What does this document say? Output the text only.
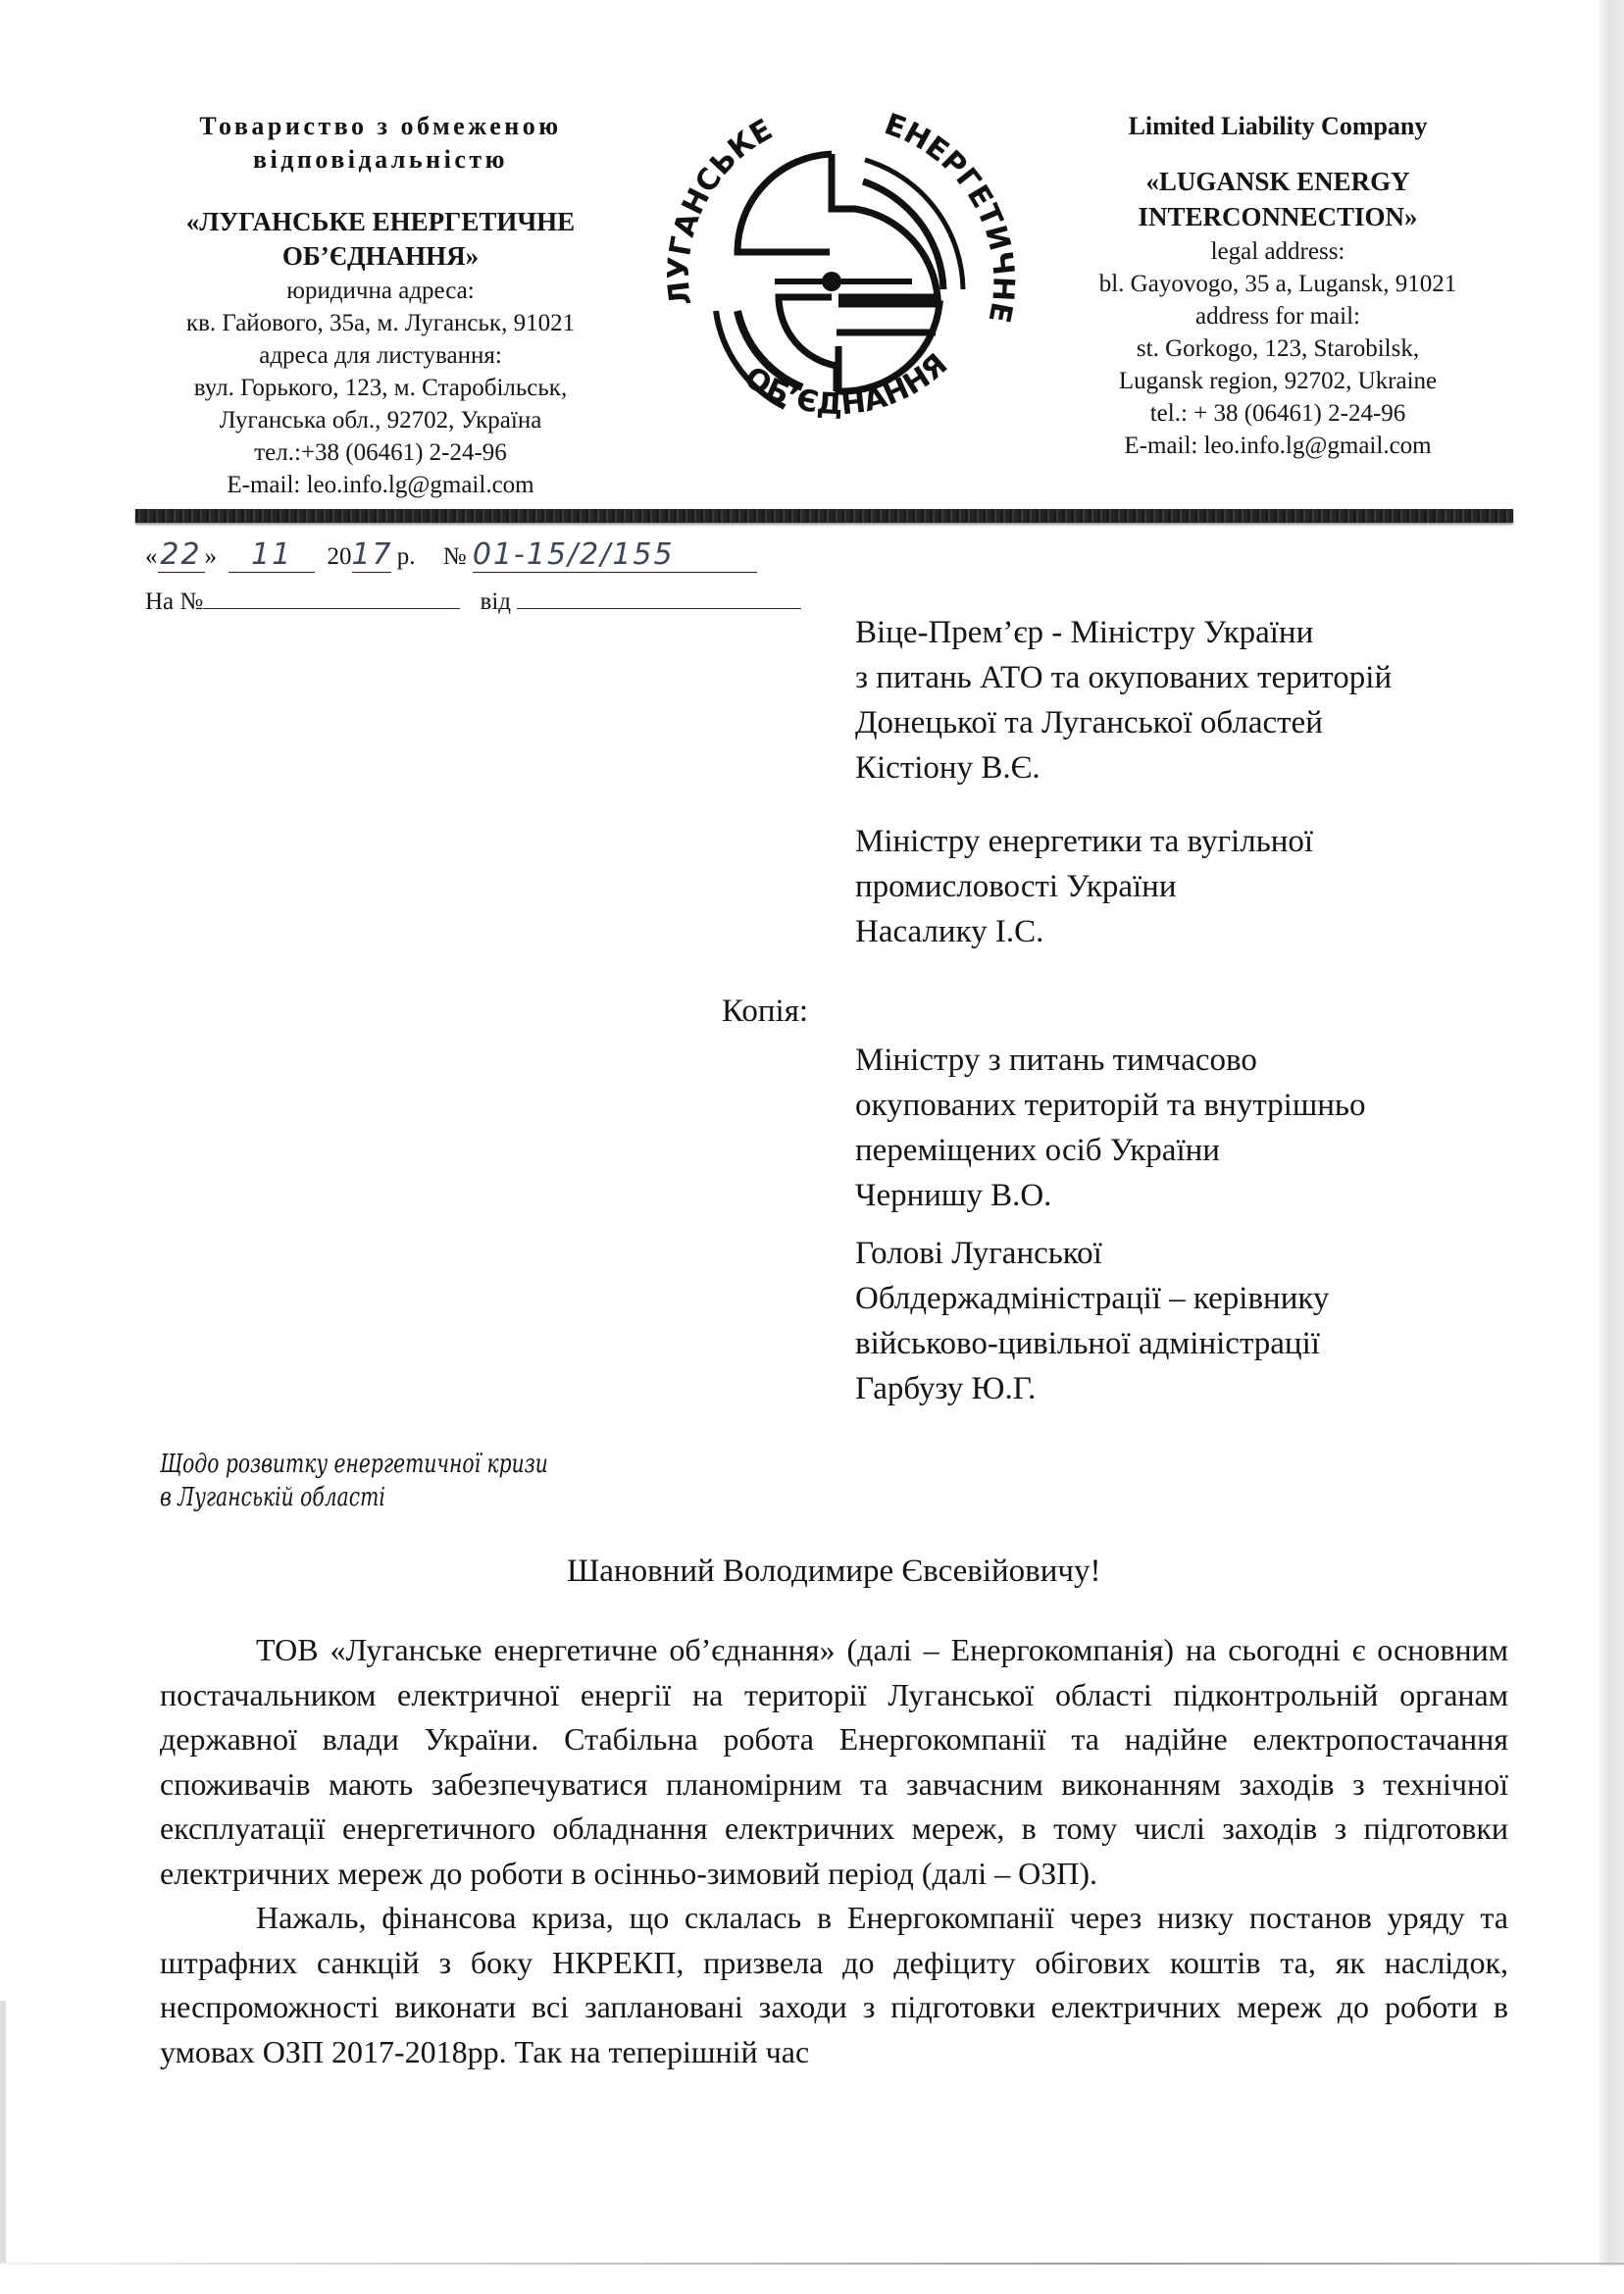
Товариство з обмеженою
відповідальністю
«ЛУГАНСЬКЕ ЕНЕРГЕТИЧНЕ
ОБ’ЄДНАННЯ»
юридична адреса:
кв. Гайового, 35а, м. Луганськ, 91021
адреса для листування:
вул. Горького, 123, м. Старобільськ,
Луганська обл., 92702, Україна
тел.:+38 (06461) 2-24-96
E-mail: leo.info.lg@gmail.com
ЛУГАНСЬКЕ	ЕНЕРГЕТИЧНЕ
ОБ’ЄДНАННЯ
Limited Liability Company
«LUGANSK ENERGY
INTERCONNECTION»
legal address:
bl. Gayovogo, 35 a, Lugansk, 91021
address for mail:
st. Gorkogo, 123, Starobilsk,
Lugansk region, 92702, Ukraine
tel.: + 38 (06461) 2-24-96
E-mail: leo.info.lg@gmail.com
«22 » 11 2017 р. № 01-15/2/155
На №	від
Віце-Прем’єр - Міністру України
з питань АТО та окупованих територій
Донецької та Луганської областей
Кістіону В.Є.
Міністру енергетики та вугільної
промисловості України
Насалику І.С.
Копія:
Міністру з питань тимчасово
окупованих територій та внутрішньо
переміщених осіб України
Чернишу В.О.
Голові Луганської
Облдержадміністрації – керівнику
військово-цивільної адміністрації
Гарбузу Ю.Г.
Щодо розвитку енергетичної кризи
в Луганській області
Шановний Володимире Євсевійовичу!

ТОВ «Луганське енергетичне об’єднання» (далі – Енергокомпанія) на сьогодні є основним постачальником електричної енергії на території Луганської області підконтрольній органам державної влади України. Стабільна робота Енергокомпанії та надійне електропостачання споживачів мають забезпечуватися планомірним та завчасним виконанням заходів з технічної експлуатації енергетичного обладнання електричних мереж, в тому числі заходів з підготовки електричних мереж до роботи в осінньо-зимовий період (далі – ОЗП).

Нажаль, фінансова криза, що склалась в Енергокомпанії через низку постанов уряду та штрафних санкцій з боку НКРЕКП, призвела до дефіциту обігових коштів та, як наслідок, неспроможності виконати всі заплановані заходи з підготовки електричних мереж до роботи в умовах ОЗП 2017-2018рр. Так на теперішній час
